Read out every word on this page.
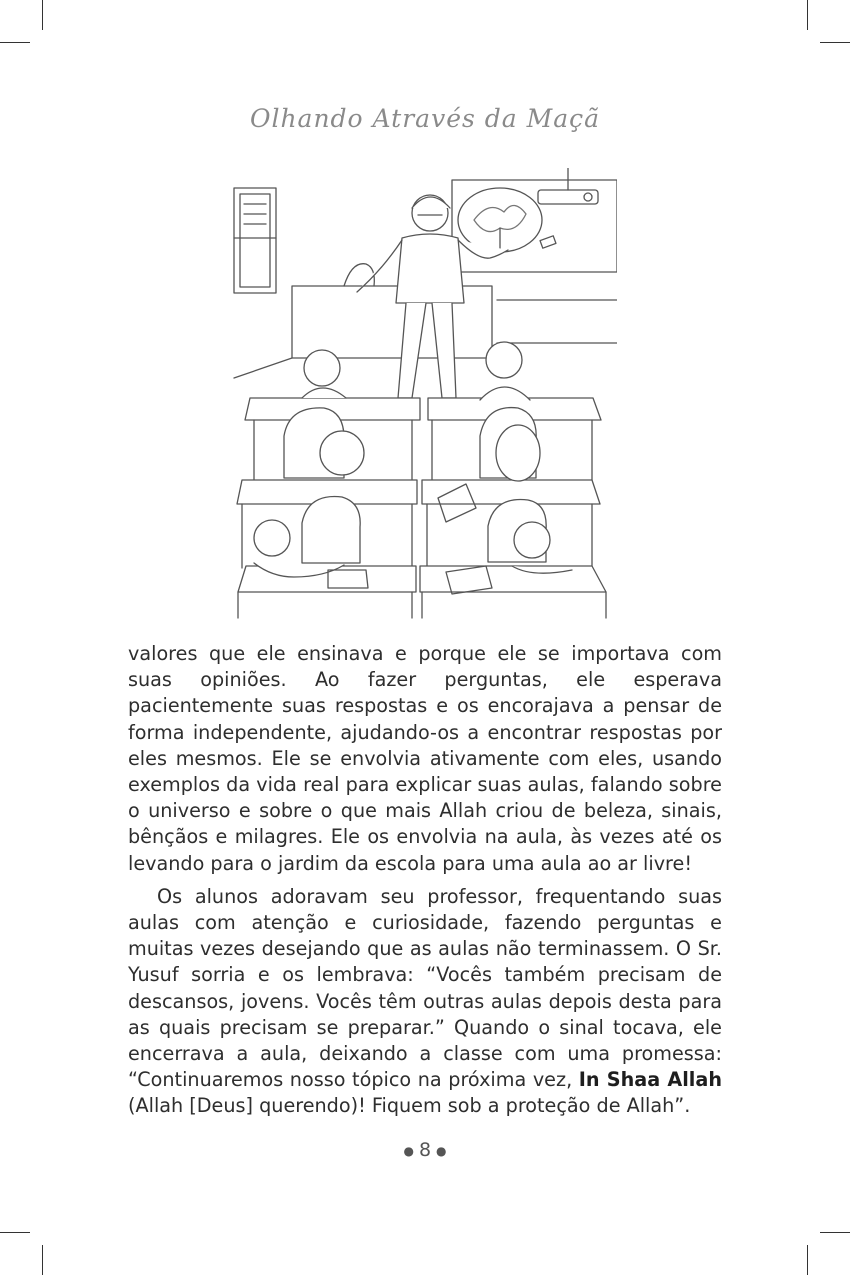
Olhando Através da Maçã

valores que ele ensinava e porque ele se importava com suas opiniões. Ao fazer perguntas, ele esperava pacientemente suas respostas e os encorajava a pensar de forma independente, ajudando-os a encontrar respostas por eles mesmos. Ele se envolvia ativamente com eles, usando exemplos da vida real para explicar suas aulas, falando sobre o universo e sobre o que mais Allah criou de beleza, sinais, bênçãos e milagres. Ele os envolvia na aula, às vezes até os levando para o jardim da escola para uma aula ao ar livre!

Os alunos adoravam seu professor, frequentando suas aulas com atenção e curiosidade, fazendo perguntas e muitas vezes desejando que as aulas não terminassem. O Sr. Yusuf sorria e os lembrava: “Vocês também precisam de descansos, jovens. Vocês têm outras aulas depois desta para as quais precisam se preparar.” Quando o sinal tocava, ele encerrava a aula, deixando a classe com uma promessa: “Continuaremos nosso tópico na próxima vez, In Shaa Allah (Allah [Deus] querendo)! Fiquem sob a proteção de Allah”.

● 8 ●
